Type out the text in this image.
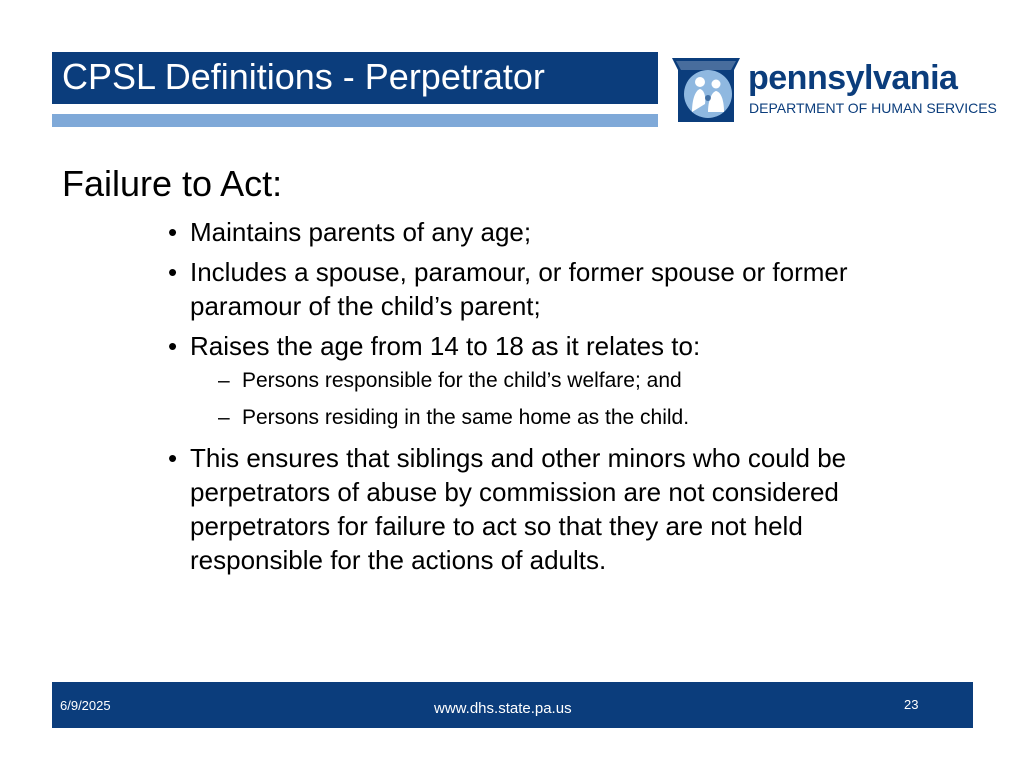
CPSL Definitions - Perpetrator	pennsylvania
DEPARTMENT OF HUMAN SERVICES
Failure to Act:
• Maintains parents of any age;
• Includes a spouse, paramour, or former spouse or former paramour of the child’s parent;
• Raises the age from 14 to 18 as it relates to:
– Persons responsible for the child’s welfare; and
– Persons residing in the same home as the child.
• This ensures that siblings and other minors who could be perpetrators of abuse by commission are not considered perpetrators for failure to act so that they are not held responsible for the actions of adults.
6/9/2025	www.dhs.state.pa.us	23
